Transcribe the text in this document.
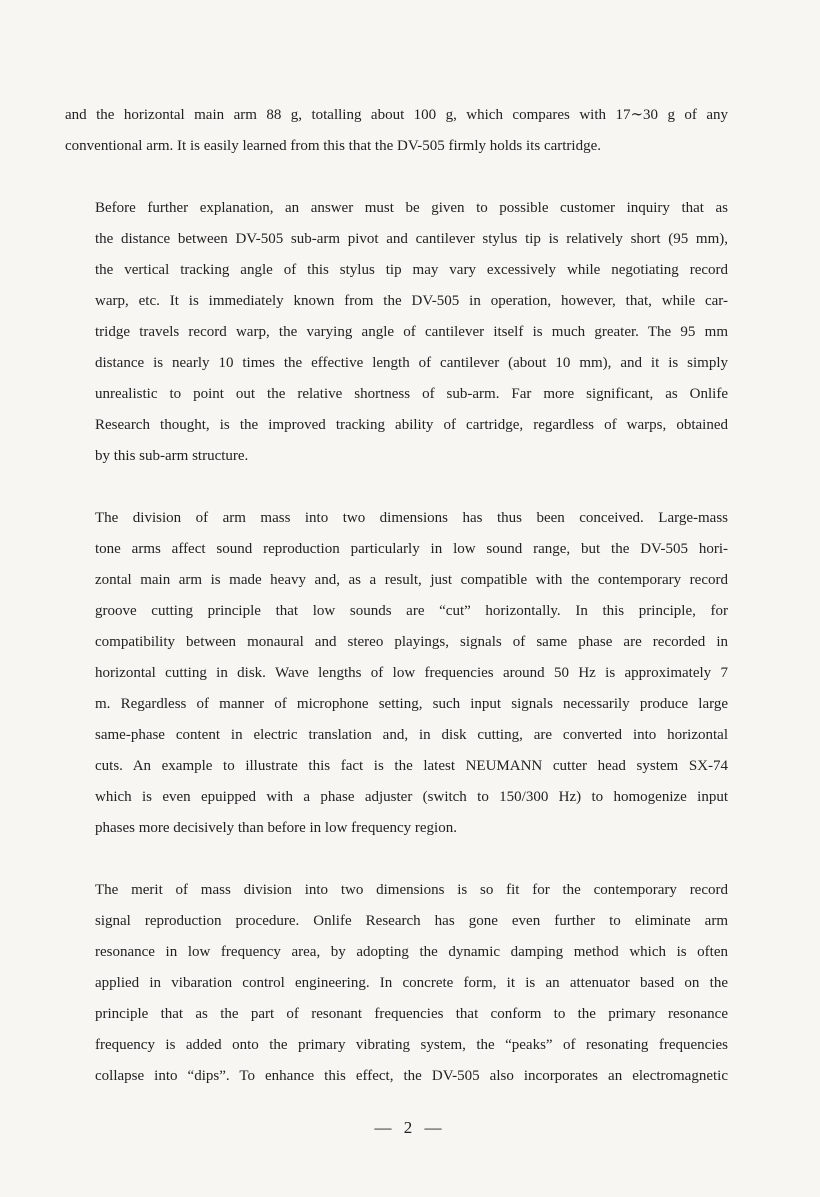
and the horizontal main arm 88 g, totalling about 100 g, which compares with 17∼30 g of any
conventional arm. It is easily learned from this that the DV-505 firmly holds its cartridge.

Before further explanation, an answer must be given to possible customer inquiry that as
the distance between DV-505 sub-arm pivot and cantilever stylus tip is relatively short (95 mm),
the vertical tracking angle of this stylus tip may vary excessively while negotiating record
warp, etc. It is immediately known from the DV-505 in operation, however, that, while car-
tridge travels record warp, the varying angle of cantilever itself is much greater. The 95 mm
distance is nearly 10 times the effective length of cantilever (about 10 mm), and it is simply
unrealistic to point out the relative shortness of sub-arm. Far more significant, as Onlife
Research thought, is the improved tracking ability of cartridge, regardless of warps, obtained
by this sub-arm structure.

The division of arm mass into two dimensions has thus been conceived. Large-mass
tone arms affect sound reproduction particularly in low sound range, but the DV-505 hori-
zontal main arm is made heavy and, as a result, just compatible with the contemporary record
groove cutting principle that low sounds are “cut” horizontally. In this principle, for
compatibility between monaural and stereo playings, signals of same phase are recorded in
horizontal cutting in disk. Wave lengths of low frequencies around 50 Hz is approximately 7
m. Regardless of manner of microphone setting, such input signals necessarily produce large
same-phase content in electric translation and, in disk cutting, are converted into horizontal
cuts. An example to illustrate this fact is the latest NEUMANN cutter head system SX-74
which is even epuipped with a phase adjuster (switch to 150/300 Hz) to homogenize input
phases more decisively than before in low frequency region.

The merit of mass division into two dimensions is so fit for the contemporary record
signal reproduction procedure. Onlife Research has gone even further to eliminate arm
resonance in low frequency area, by adopting the dynamic damping method which is often
applied in vibaration control engineering. In concrete form, it is an attenuator based on the
principle that as the part of resonant frequencies that conform to the primary resonance
frequency is added onto the primary vibrating system, the “peaks” of resonating frequencies
collapse into “dips”. To enhance this effect, the DV-505 also incorporates an electromagnetic

— 2 —
